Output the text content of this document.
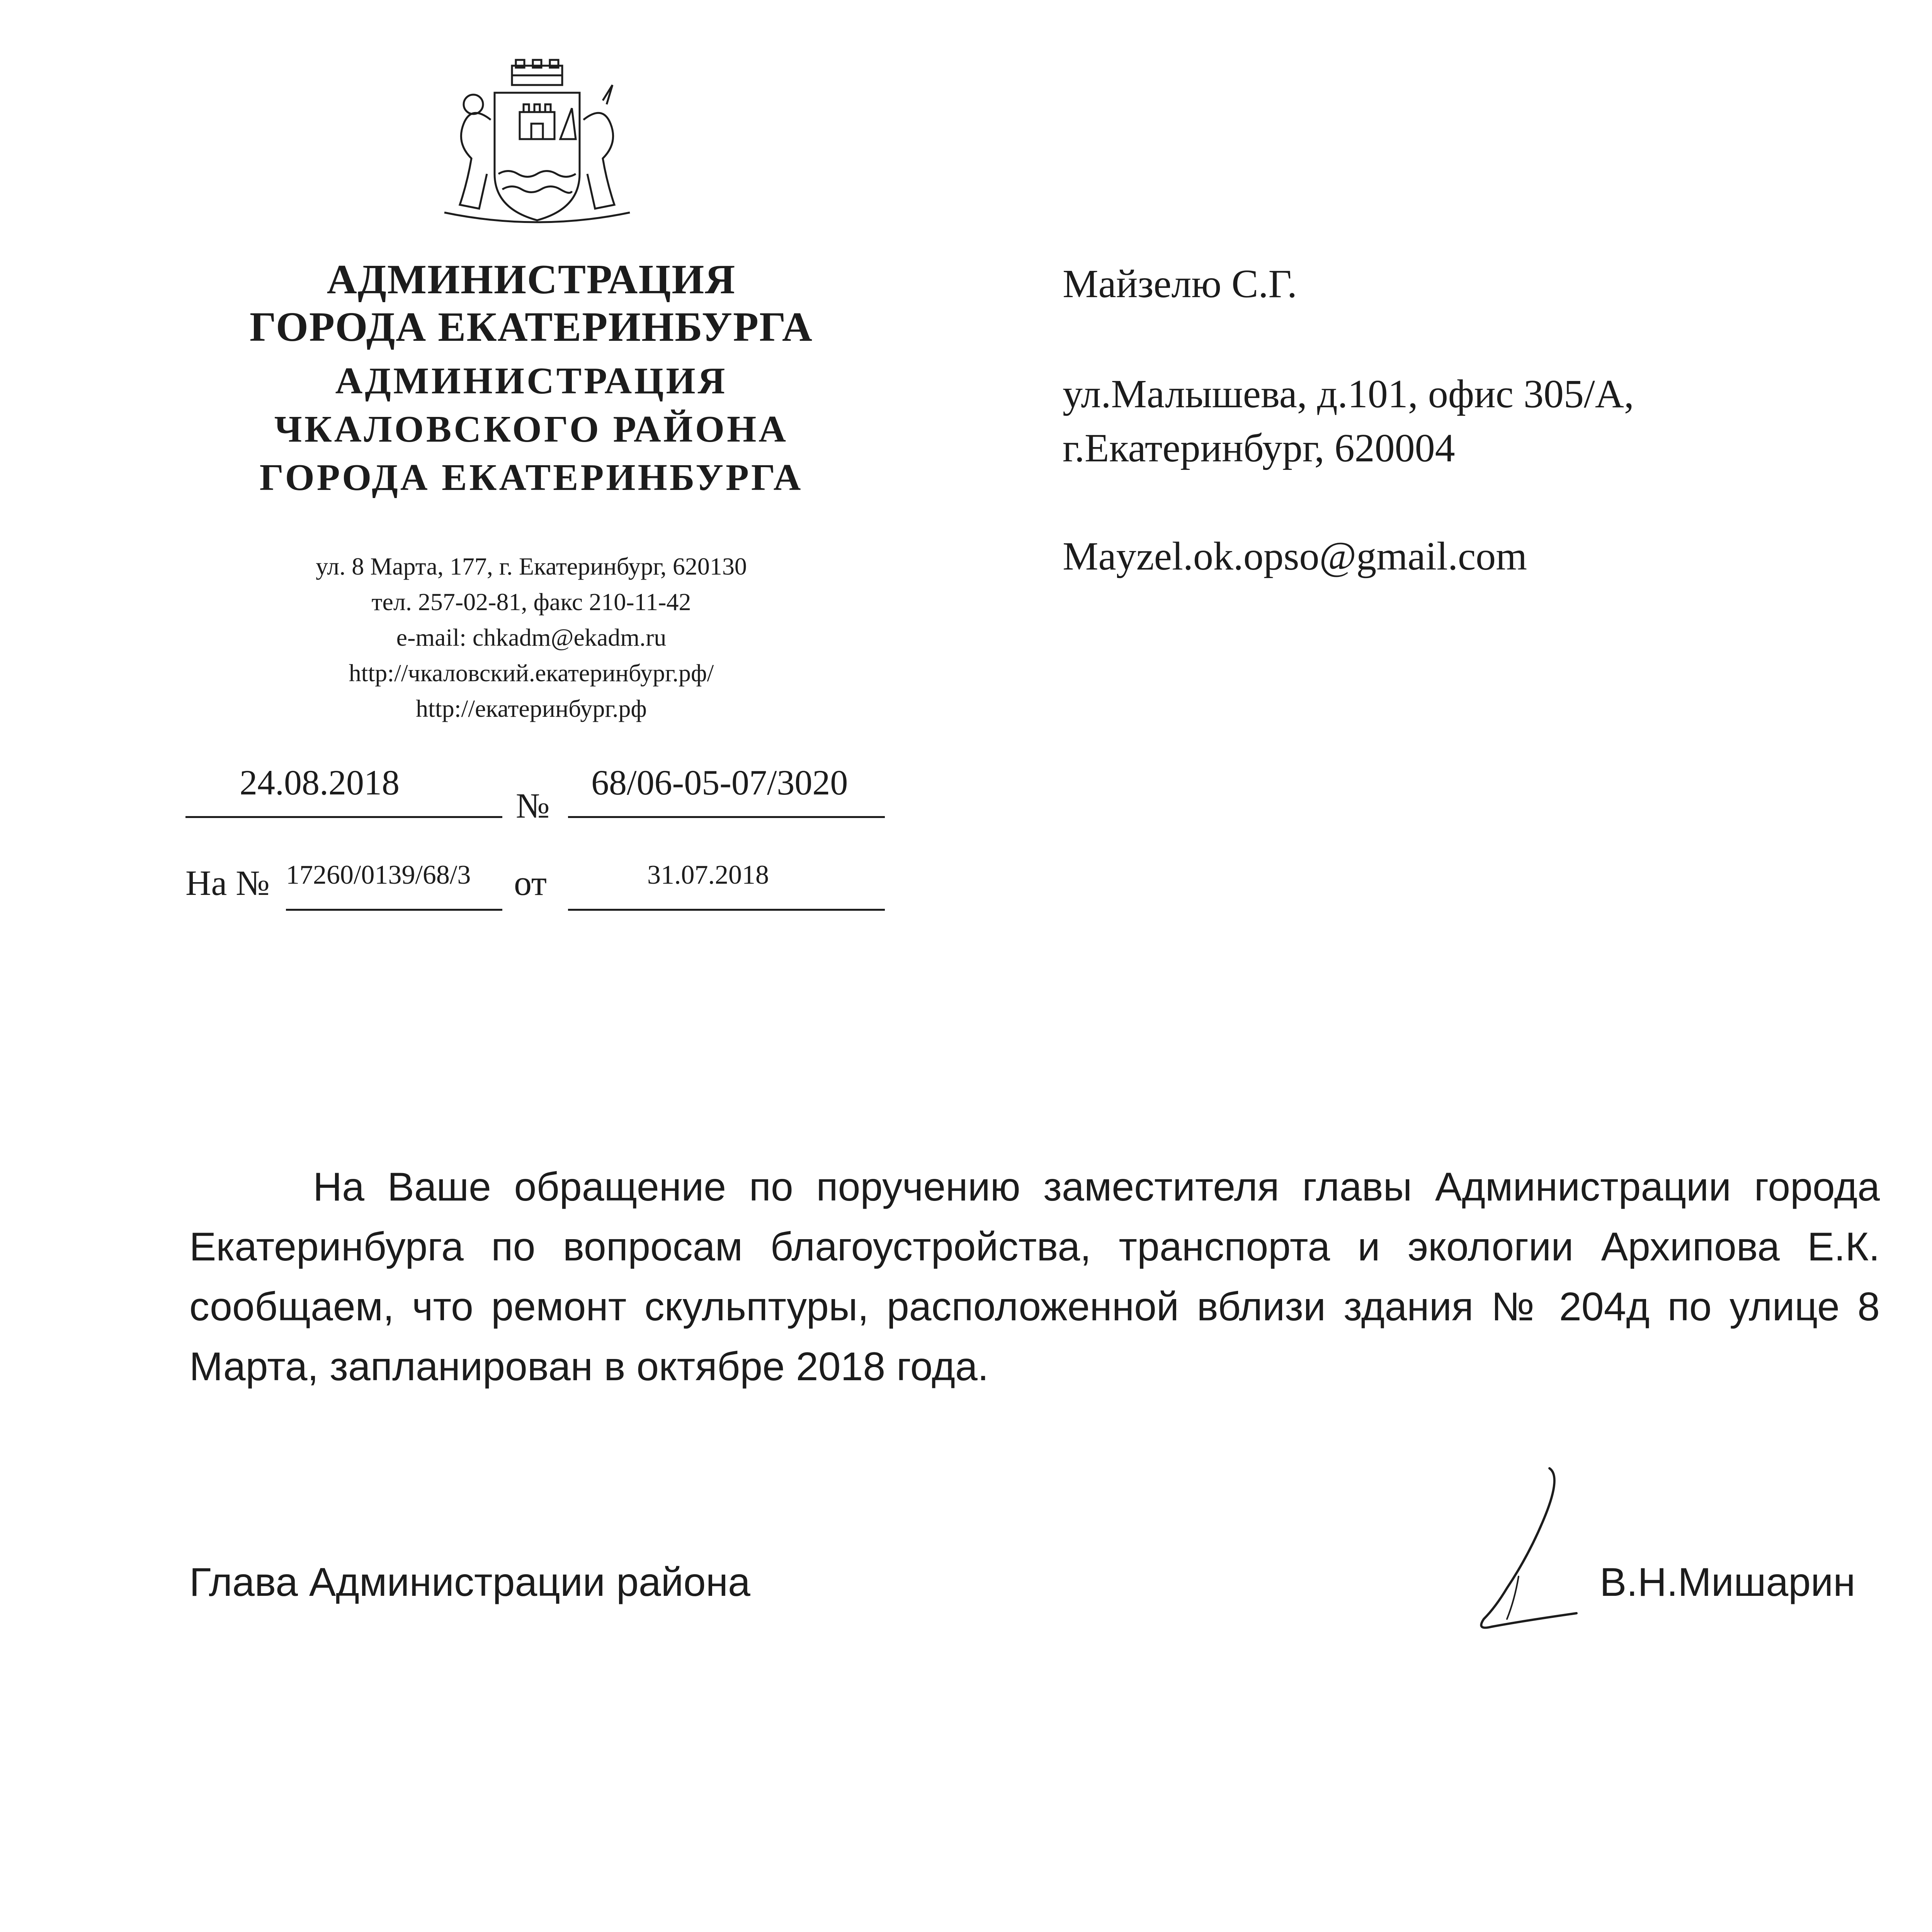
АДМИНИСТРАЦИЯ
ГОРОДА ЕКАТЕРИНБУРГА
АДМИНИСТРАЦИЯ
ЧКАЛОВСКОГО РАЙОНА
ГОРОДА ЕКАТЕРИНБУРГА
ул. 8 Марта, 177, г. Екатеринбург, 620130
тел. 257-02-81, факс 210-11-42
e-mail: chkadm@ekadm.ru
http://чкаловский.екатеринбург.рф/
http://екатеринбург.рф
24.08.2018
№
68/06-05-07/3020
На № 17260/0139/68/3 от	31.07.2018
Майзелю С.Г.
ул.Малышева, д.101, офис 305/А,
г.Екатеринбург, 620004
Mayzel.ok.opso@gmail.com
На Ваше обращение по поручению заместителя главы Администрации города Екатеринбурга по вопросам благоустройства, транспорта и экологии Архипова Е.К. сообщаем, что ремонт скульптуры, расположенной вблизи здания № 204д по улице 8 Марта, запланирован в октябре 2018 года.
Глава Администрации района	В.Н.Мишарин
